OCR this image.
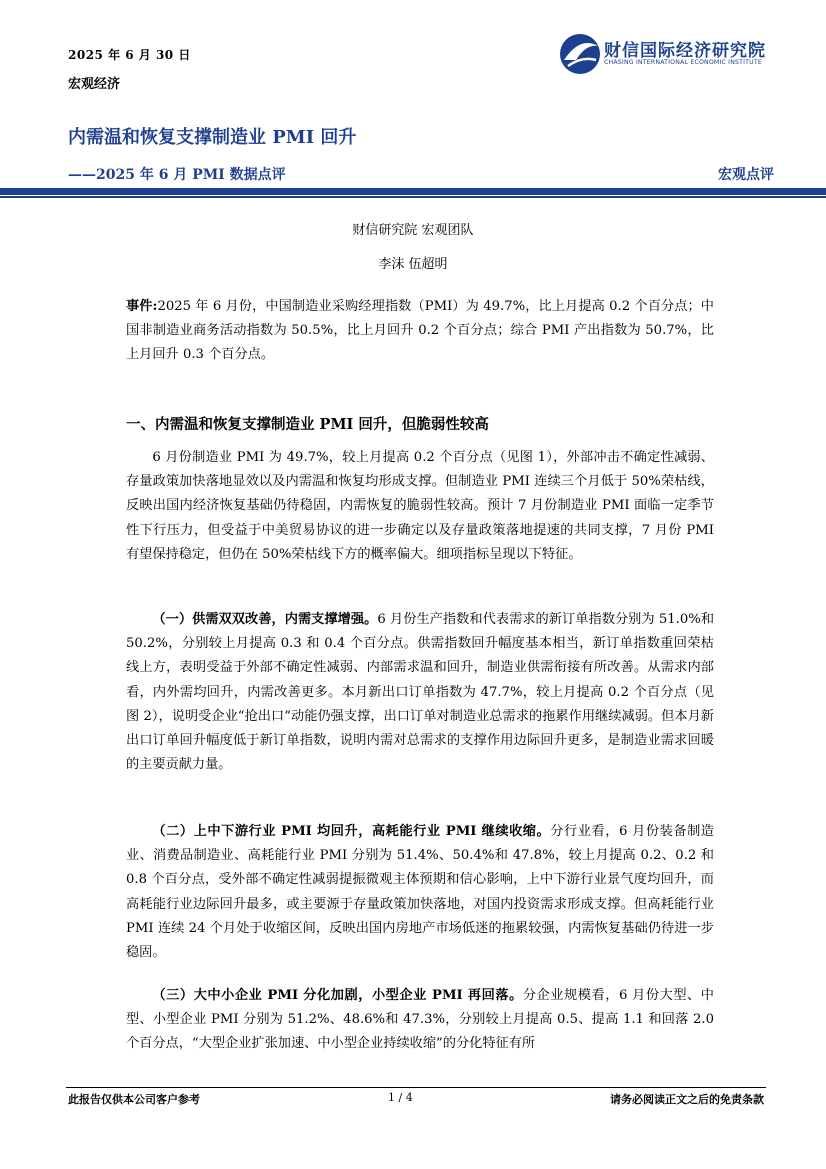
2025 年 6 月 30 日
宏观经济
财信国际经济研究院
CHASING INTERNATIONAL ECONOMIC INSTITUTE
内需温和恢复支撑制造业 PMI 回升
——2025 年 6 月 PMI 数据点评	宏观点评
财信研究院 宏观团队
李沫 伍超明

事件:2025 年 6 月份，中国制造业采购经理指数（PMI）为 49.7%，比上月提高 0.2 个百分点；中国非制造业商务活动指数为 50.5%，比上月回升 0.2 个百分点；综合 PMI 产出指数为 50.7%，比上月回升 0.3 个百分点。

一、内需温和恢复支撑制造业 PMI 回升，但脆弱性较高

6 月份制造业 PMI 为 49.7%，较上月提高 0.2 个百分点（见图 1），外部冲击不确定性减弱、存量政策加快落地显效以及内需温和恢复均形成支撑。但制造业 PMI 连续三个月低于 50%荣枯线，反映出国内经济恢复基础仍待稳固，内需恢复的脆弱性较高。预计 7 月份制造业 PMI 面临一定季节性下行压力，但受益于中美贸易协议的进一步确定以及存量政策落地提速的共同支撑，7 月份 PMI 有望保持稳定，但仍在 50%荣枯线下方的概率偏大。细项指标呈现以下特征。

（一）供需双双改善，内需支撑增强。6 月份生产指数和代表需求的新订单指数分别为 51.0%和 50.2%，分别较上月提高 0.3 和 0.4 个百分点。供需指数回升幅度基本相当，新订单指数重回荣枯线上方，表明受益于外部不确定性减弱、内部需求温和回升，制造业供需衔接有所改善。从需求内部看，内外需均回升，内需改善更多。本月新出口订单指数为 47.7%，较上月提高 0.2 个百分点（见图 2），说明受企业“抢出口”动能仍强支撑，出口订单对制造业总需求的拖累作用继续减弱。但本月新出口订单回升幅度低于新订单指数，说明内需对总需求的支撑作用边际回升更多，是制造业需求回暖的主要贡献力量。

（二）上中下游行业 PMI 均回升，高耗能行业 PMI 继续收缩。分行业看，6 月份装备制造业、消费品制造业、高耗能行业 PMI 分别为 51.4%、50.4%和 47.8%，较上月提高 0.2、0.2 和 0.8 个百分点，受外部不确定性减弱提振微观主体预期和信心影响，上中下游行业景气度均回升，而高耗能行业边际回升最多，或主要源于存量政策加快落地，对国内投资需求形成支撑。但高耗能行业 PMI 连续 24 个月处于收缩区间，反映出国内房地产市场低迷的拖累较强，内需恢复基础仍待进一步稳固。

（三）大中小企业 PMI 分化加剧，小型企业 PMI 再回落。分企业规模看，6 月份大型、中型、小型企业 PMI 分别为 51.2%、48.6%和 47.3%，分别较上月提高 0.5、提高 1.1 和回落 2.0 个百分点，“大型企业扩张加速、中小型企业持续收缩”的分化特征有所

此报告仅供本公司客户参考	1 / 4	请务必阅读正文之后的免责条款
